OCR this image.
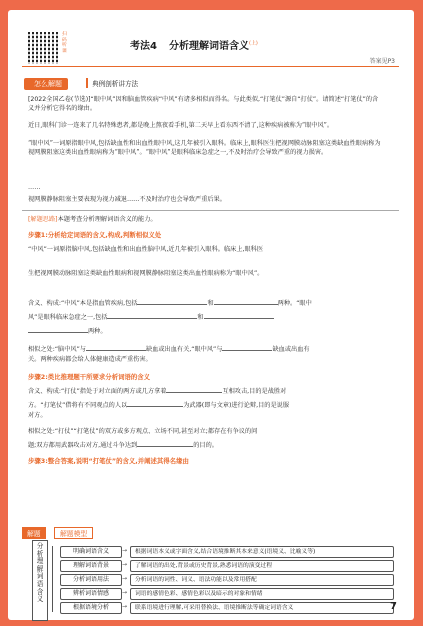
扫码听课	考法4 分析理解词语含义$^{(上)}$
答案见P3
怎么解题	典例剖析讲方法
[2022全国乙卷(节选)]“眼中风”因和脑血管疾病“中风”有诸多相似而得名。与此类似,“打笔仗”源自“打仗”。请简述“打笔仗”的含义并分析它得名的缘由。
近日,眼科门诊一连来了几名特殊患者,都是晚上熬夜看手机,第二天早上看东西不清了,这种疾病被称为“眼中风”。
“眼中风”一词原指眼中风,包括缺血性和出血性眼中风,这几年被引入眼科。临床上,眼科医生把视网膜动脉阻塞这类缺血性眼病称为视网膜阻塞这类出血性眼病称为“眼中风”。“眼中风”是眼科临床急症之一,不及时治疗会导致严重的视力损害。
……
视网膜静脉阻塞主要表现为视力减退……不及时治疗也会导致严重后果。
[解题思路]本题考查分析理解词语含义的能力。
步骤1:分析给定词语的含义,构成,判断相似义处
“中风”一词原指脑中风,包括缺血性和出血性脑中风,近几年被引入眼科。临床上,眼科医
生把视网膜动脉阻塞这类缺血性眼病和视网膜静脉阻塞这类出血性眼病称为“眼中风”。
含义、构成:“中风”本是指血管疾病,包括	和	两种。“眼中
风”是眼科临床急症之一,包括	和
两种。
相似之处:“脑中风”与	缺血或出血有关,“眼中风”与	缺血或出血有
关。两种疾病都会给人体健康造成严重伤害。
步骤2:类比推理题干所要求分析词语的含义
含义、构成:“打仗”指处于对立面的两方或几方拿着	互相攻击,目的是战胜对
方。“打笔仗”借将有不同观点的人以	为武器(即与文章)进行论辩,目的是说服
对方。
相似之处:“打仗”“打笔仗”的双方或多方观点、立场不同,甚至对立;都存在有争议的问
题;双方都用武器攻击对方,通过斗争达到	的目的。
步骤3:整合答案,说明“打笔仗”的含义,并阐述其得名缘由
解题	解题模型
分
析
理
解
词
语
含
义
明确词语含义	→	根据词语本义或字面含义,结合语境推断其本来意义(语境义、比喻义等)
理解词语背景	→	了解词语的出处,背景或历史背景,熟悉词语的演变过程
分析词语用法	→	分析词语的词性、词义、语法功能以及常用搭配
辨析词语情感	→	词语的感情色彩、感情色彩以及暗示的对象和情绪
根据语境分析	→	联系语境进行理解,可采用替换法、语境推断法等确定词语含义	7
